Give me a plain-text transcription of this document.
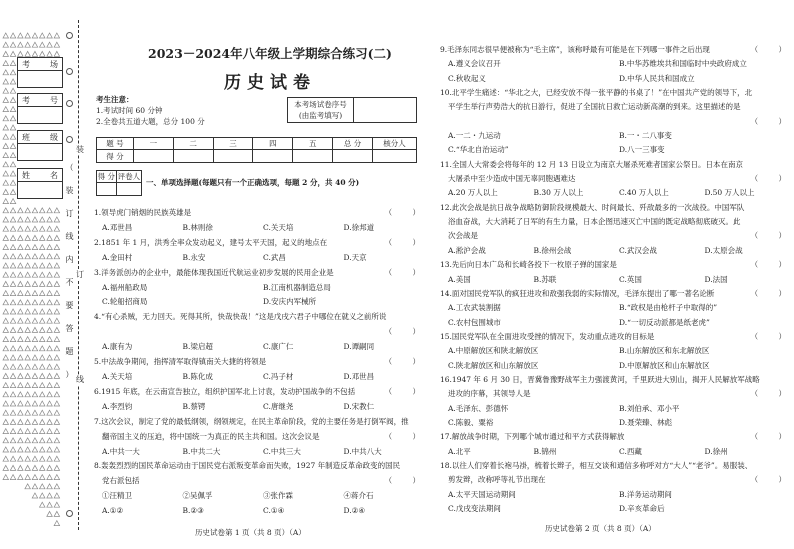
考 场
考 号
班 级
姓 名
（
装
订
线
内
不
要
答
题
）
装
订
线
2023－2024年八年级上学期综合练习(二)
历史试卷
考生注意：
1.考试时间 60 分钟
2.全卷共五道大题，总分 100 分
本考场试卷序号
(由监考填写)

题 号	一	二	三	四	五	总 分	核分人
得 分							
得 分	评卷人

一、单项选择题(每题只有一个正确选项，每题 2 分，共 40 分)
1.领导虎门销烟的民族英雄是	（ ）
A.邓世昌	B.林则徐	C.关天培	D.徐邦道
2.1851 年 1 月，洪秀全率众发动起义，建号太平天国，起义的地点在	（ ）
A.金田村	B.永安	C.武昌	D.天京
3.洋务派创办的企业中，最能体现我国近代航运业初步发展的民用企业是	（ ）
A.福州船政局	B.江南机器制造总局
C.轮船招商局	D.安庆内军械所
4.“有心杀贼，无力回天。死得其所，快哉快哉！”这是戊戌六君子中哪位在就义之前所说
（ ）
A.康有为	B.梁启超	C.康广仁	D.谭嗣同
5.中法战争期间，指挥清军取得镇南关大捷的将领是	（ ）
A.关天培	B.陈化成	C.冯子材	D.邓世昌
6.1915 年底，在云南宣告独立，组织护国军北上讨袁，发动护国战争的不包括	（ ）
A.李烈钧	B.蔡锷	C.唐继尧	D.宋教仁
7.这次会议，制定了党的最低纲领，纲领规定，在民主革命阶段，党的主要任务是打倒军阀，推
翻帝国主义的压迫，将中国统一为真正的民主共和国。这次会议是	（ ）
A.中共一大	B.中共二大	C.中共三大	D.中共八大
8.轰轰烈烈的国民革命运动由于国民党右派叛变革命而失败，1927 年制造反革命政变的国民
党右派包括	（ ）
①汪精卫	②吴佩孚	③张作霖	④蒋介石
A.①②	B.②③	C.①④	D.②④
9.毛泽东同志很早便被称为“毛主席”，该称呼最有可能是在下列哪一事件之后出现	（ ）
A.遵义会议召开	B.中华苏维埃共和国临时中央政府成立
C.秋收起义	D.中华人民共和国成立
10.北平学生痛述：“华北之大，已经安放不得一张平静的书桌了！”在中国共产党的领导下，北
平学生举行声势浩大的抗日游行，促进了全国抗日救亡运动新高潮的到来。这里描述的是
（ ）
A.一二・九运动	B.一・二八事变
C.“华北自治运动”	D.八一三事变
11.全国人大常委会将每年的 12 月 13 日设立为南京大屠杀死难者国家公祭日。日本在南京
大屠杀中至少造成中国无辜同胞遇难达	（ ）
A.20 万人以上	B.30 万人以上	C.40 万人以上	D.50 万人以上
12.此次会战是抗日战争战略防御阶段规模最大、时间最长、歼敌最多的一次战役。中国军队
浴血奋战，大大消耗了日军的有生力量，日本企图迅速灭亡中国的既定战略彻底破灭。此
次会战是	（ ）
A.淞沪会战	B.徐州会战	C.武汉会战	D.太原会战
13.先后向日本广岛和长崎各投下一枚原子弹的国家是	（ ）
A.美国	B.苏联	C.英国	D.法国
14.面对国民党军队的疯狂进攻和敌强我弱的实际情况，毛泽东提出了哪一著名论断	（ ）
A.工农武装割据	B.“政权是由枪杆子中取得的”
C.农村包围城市	D.“一切反动派都是纸老虎”
15.国民党军队在全面进攻受挫的情况下，发动重点进攻的目标是	（ ）
A.中原解放区和陕北解放区	B.山东解放区和东北解放区
C.陕北解放区和山东解放区	D.中原解放区和山东解放区
16.1947 年 6 月 30 日，晋冀鲁豫野战军主力强渡黄河，千里跃进大别山，揭开人民解放军战略
进攻的序幕，其领导人是	（ ）
A.毛泽东、彭德怀	B.刘伯承、邓小平
C.陈毅、粟裕	D.聂荣臻、林彪
17.解放战争时期，下列哪个城市通过和平方式获得解放	（ ）
A.北平	B.锦州	C.西藏	D.徐州
18.以往人们穿着长袍马褂，梳着长辫子，相互交谈和通信多称呼对方“大人”“老爷”。易服装、
剪发辫，改称呼等礼节出现在	（ ）
A.太平天国运动期间	B.洋务运动期间
C.戊戌变法期间	D.辛亥革命后
历史试卷第 1 页（共 8 页）（A）	历史试卷第 2 页（共 8 页）（A）
